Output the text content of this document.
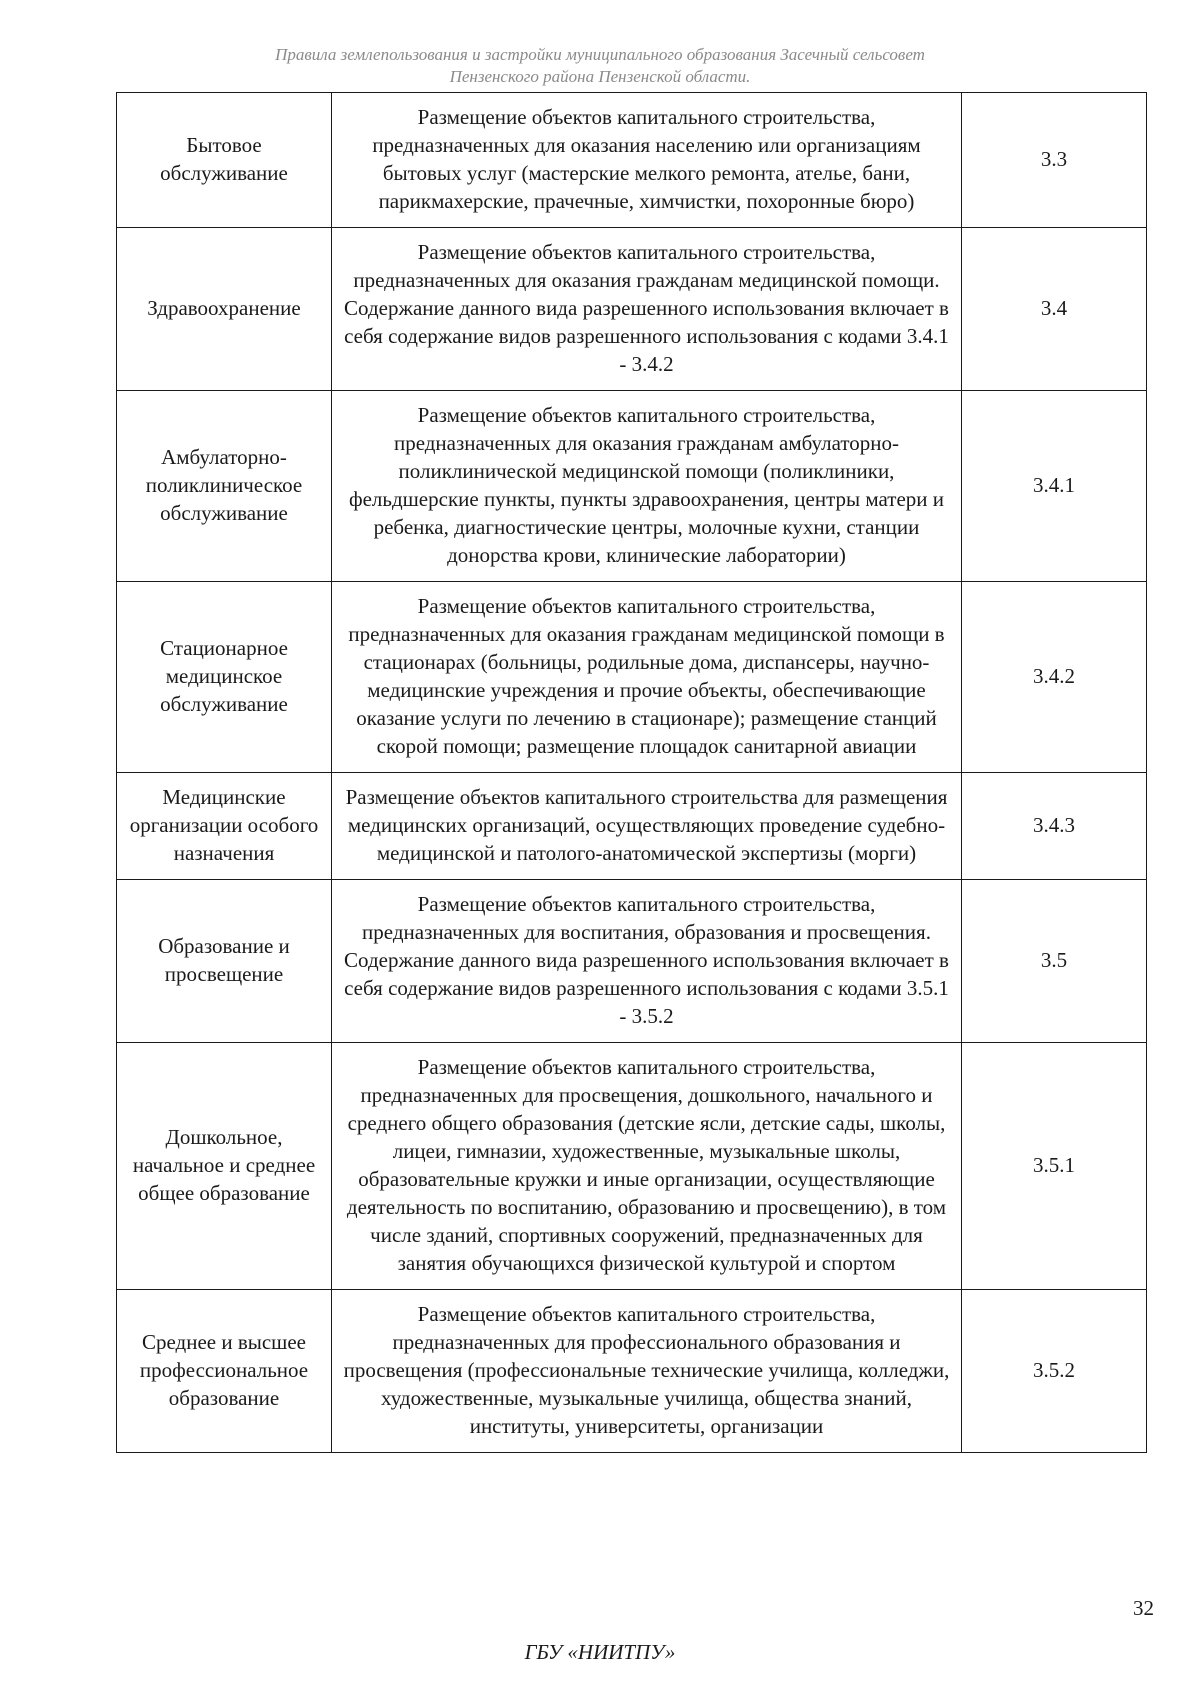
Правила землепользования и застройки муниципального образования Засечный сельсовет
Пензенского района Пензенской области.
Бытовое обслуживание	Размещение объектов капитального строительства, предназначенных для оказания населению или организациям бытовых услуг (мастерские мелкого ремонта, ателье, бани, парикмахерские, прачечные, химчистки, похоронные бюро)	3.3
Здравоохранение	Размещение объектов капитального строительства, предназначенных для оказания гражданам медицинской помощи. Содержание данного вида разрешенного использования включает в себя содержание видов разрешенного использования с кодами 3.4.1 - 3.4.2	3.4
Амбулаторно-поликлиническое обслуживание	Размещение объектов капитального строительства, предназначенных для оказания гражданам амбулаторно-поликлинической медицинской помощи (поликлиники, фельдшерские пункты, пункты здравоохранения, центры матери и ребенка, диагностические центры, молочные кухни, станции донорства крови, клинические лаборатории)	3.4.1
Стационарное медицинское обслуживание	Размещение объектов капитального строительства, предназначенных для оказания гражданам медицинской помощи в стационарах (больницы, родильные дома, диспансеры, научно-медицинские учреждения и прочие объекты, обеспечивающие оказание услуги по лечению в стационаре); размещение станций скорой помощи; размещение площадок санитарной авиации	3.4.2
Медицинские организации особого назначения	Размещение объектов капитального строительства для размещения медицинских организаций, осуществляющих проведение судебно-медицинской и патолого-анатомической экспертизы (морги)	3.4.3
Образование и просвещение	Размещение объектов капитального строительства, предназначенных для воспитания, образования и просвещения. Содержание данного вида разрешенного использования включает в себя содержание видов разрешенного использования с кодами 3.5.1 - 3.5.2	3.5
Дошкольное, начальное и среднее общее образование	Размещение объектов капитального строительства, предназначенных для просвещения, дошкольного, начального и среднего общего образования (детские ясли, детские сады, школы, лицеи, гимназии, художественные, музыкальные школы, образовательные кружки и иные организации, осуществляющие деятельность по воспитанию, образованию и просвещению), в том числе зданий, спортивных сооружений, предназначенных для занятия обучающихся физической культурой и спортом	3.5.1
Среднее и высшее профессиональное образование	Размещение объектов капитального строительства, предназначенных для профессионального образования и просвещения (профессиональные технические училища, колледжи, художественные, музыкальные училища, общества знаний, институты, университеты, организации	3.5.2
32
ГБУ «НИИТПУ»
